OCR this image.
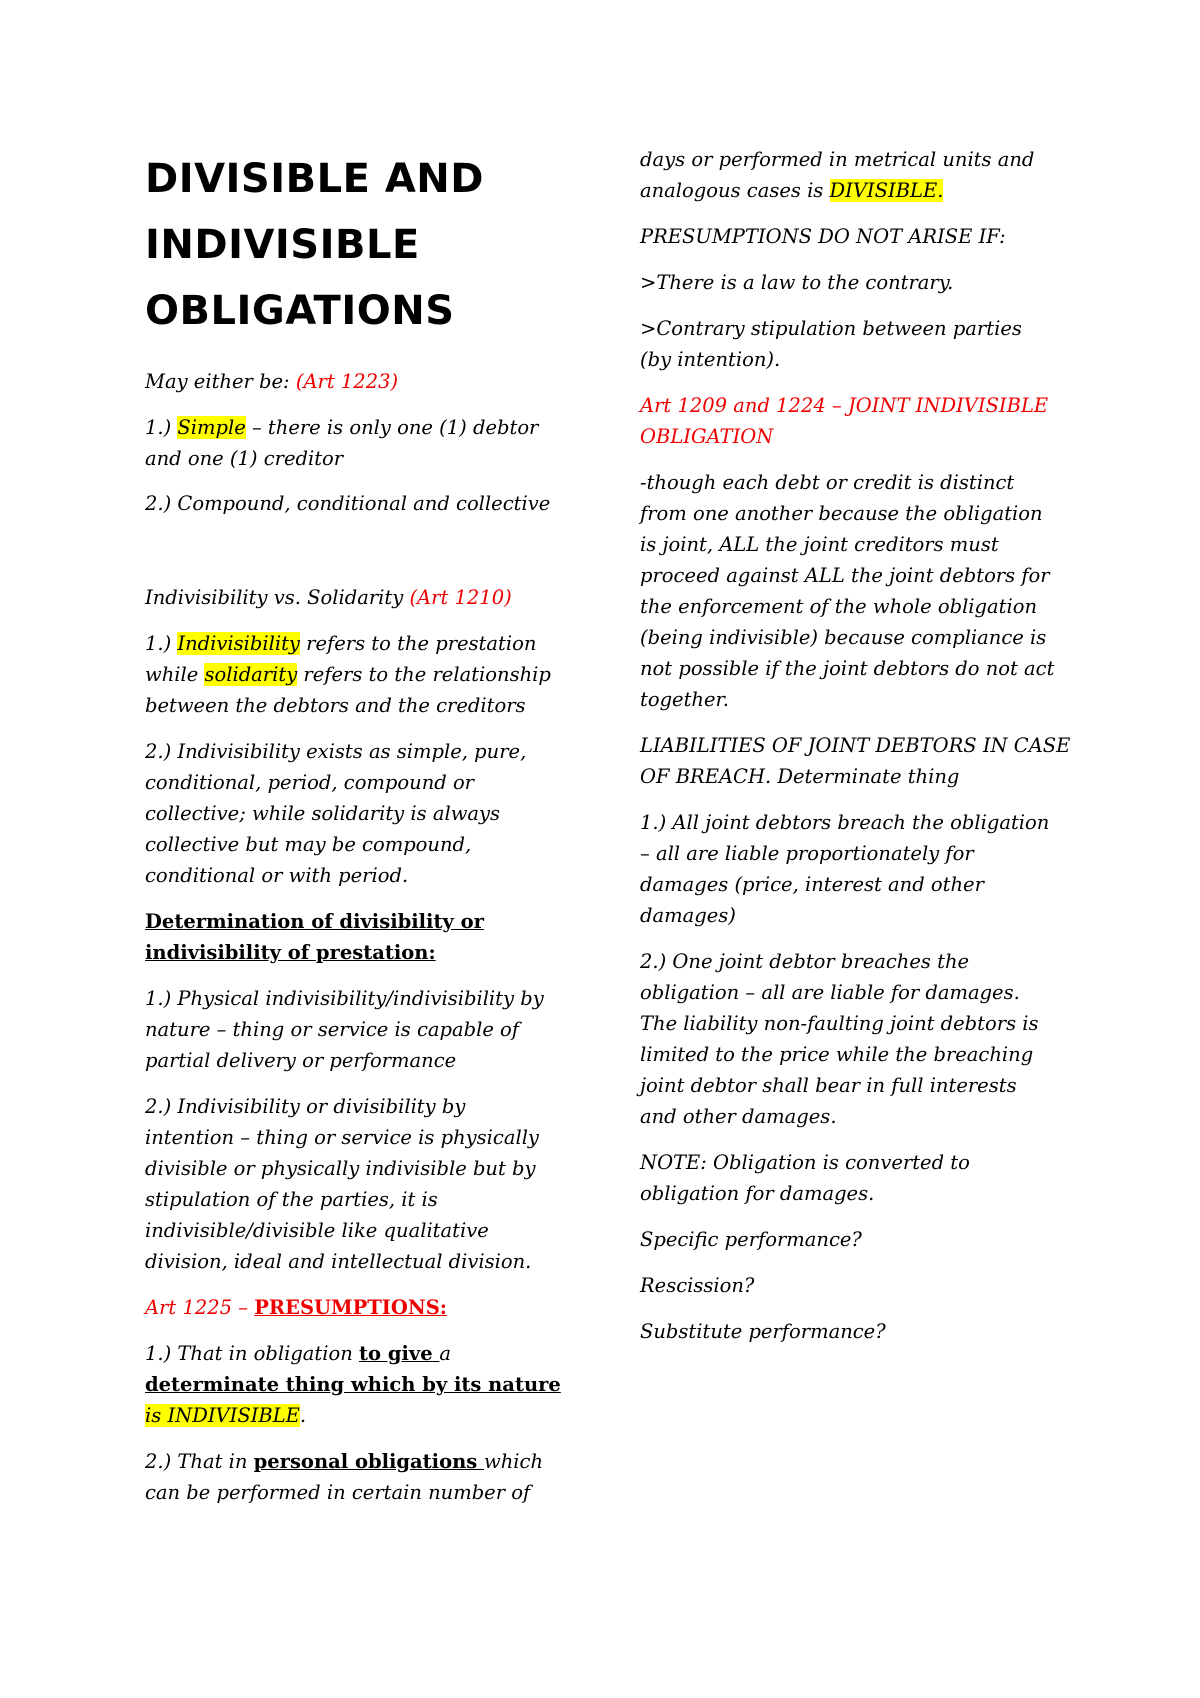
DIVISIBLE AND
INDIVISIBLE
OBLIGATIONS

May either be: (Art 1223)

1.) Simple – there is only one (1) debtor

and one (1) creditor

2.) Compound, conditional and collective

Indivisibility vs. Solidarity (Art 1210)

1.) Indivisibility refers to the prestation

while solidarity refers to the relationship

between the debtors and the creditors

2.) Indivisibility exists as simple, pure,

conditional, period, compound or

collective; while solidarity is always

collective but may be compound,

conditional or with period.

Determination of divisibility or

indivisibility of prestation:

1.) Physical indivisibility/indivisibility by

nature – thing or service is capable of

partial delivery or performance

2.) Indivisibility or divisibility by

intention – thing or service is physically

divisible or physically indivisible but by

stipulation of the parties, it is

indivisible/divisible like qualitative

division, ideal and intellectual division.

Art 1225 – PRESUMPTIONS:

1.) That in obligation to give a

determinate thing which by its nature

is INDIVISIBLE.

2.) That in personal obligations which

can be performed in certain number of

days or performed in metrical units and

analogous cases is DIVISIBLE.

PRESUMPTIONS DO NOT ARISE IF:

>There is a law to the contrary.

>Contrary stipulation between parties

(by intention).

Art 1209 and 1224 – JOINT INDIVISIBLE

OBLIGATION

-though each debt or credit is distinct

from one another because the obligation

is joint, ALL the joint creditors must

proceed against ALL the joint debtors for

the enforcement of the whole obligation

(being indivisible) because compliance is

not possible if the joint debtors do not act

together.

LIABILITIES OF JOINT DEBTORS IN CASE

OF BREACH. Determinate thing

1.) All joint debtors breach the obligation

– all are liable proportionately for

damages (price, interest and other

damages)

2.) One joint debtor breaches the

obligation – all are liable for damages.

The liability non-faulting joint debtors is

limited to the price while the breaching

joint debtor shall bear in full interests

and other damages.

NOTE: Obligation is converted to

obligation for damages.

Specific performance?

Rescission?

Substitute performance?
